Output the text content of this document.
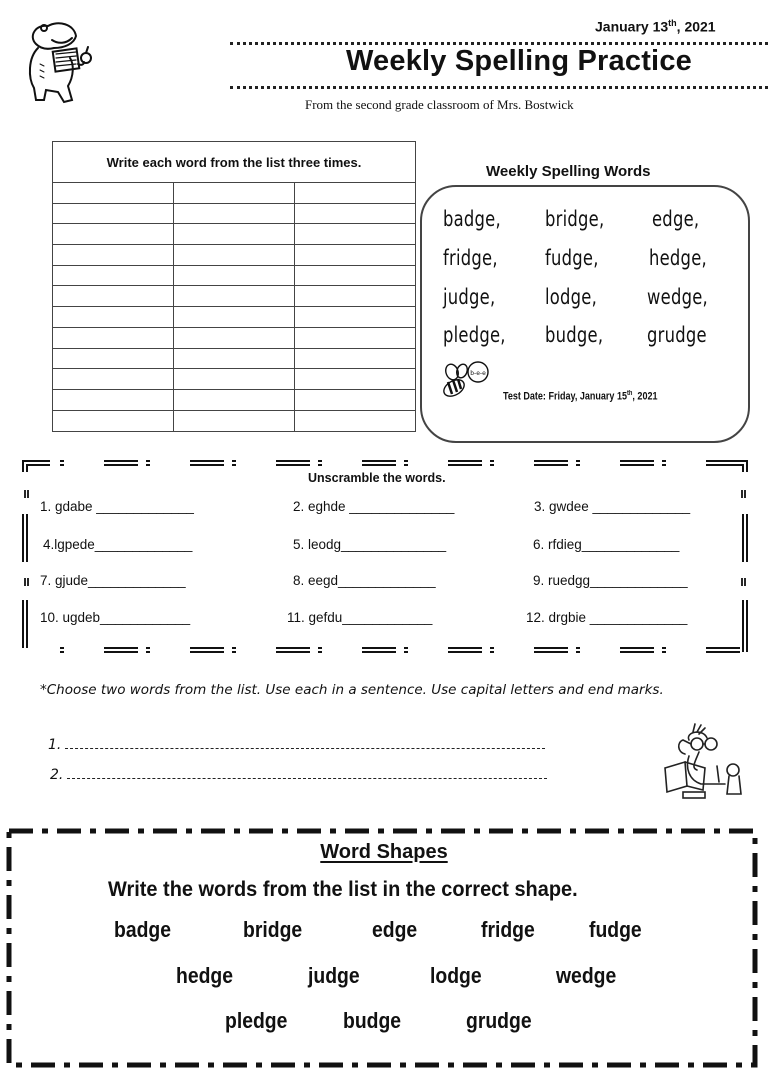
January 13th, 2021
Weekly Spelling Practice
From the second grade classroom of Mrs. Bostwick
Write each word from the list three times.
Weekly Spelling Words
badge, bridge, edge,
fridge, fudge, hedge,
judge, lodge, wedge,
pledge, budge, grudge
b-e-e
Test Date: Friday, January 15th, 2021
Unscramble the words.
1. gdabe _____________	2. eghde ______________	3. gwdee _____________
4.lgpede_____________	5. leodg______________	6. rfdieg_____________
7. gjude_____________	8. eegd_____________	9. ruedgg_____________
10. ugdeb____________	11. gefdu____________	12. drgbie _____________
*Choose two words from the list. Use each in a sentence. Use capital letters and end marks.
1.
2.
Word Shapes
Write the words from the list in the correct shape.
badge	bridge	edge	fridge fudge
hedge	judge	lodge	wedge
pledge	budge	grudge
